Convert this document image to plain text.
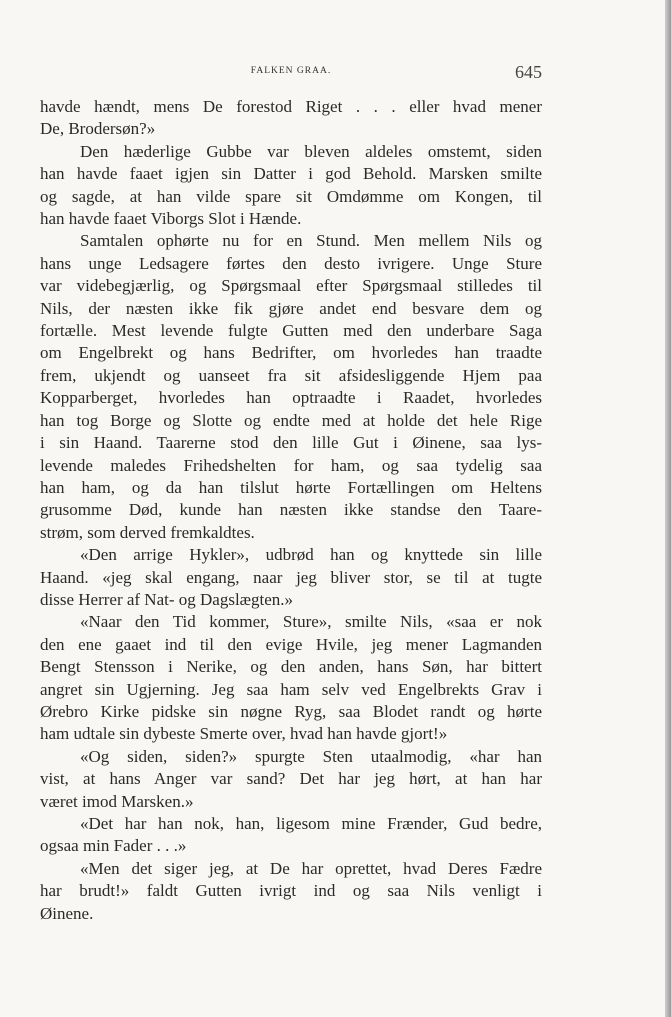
FALKEN GRAA.	645

havde hændt, mens De forestod Riget . . . eller hvad mener

De, Brodersøn?»

Den hæderlige Gubbe var bleven aldeles omstemt, siden

han havde faaet igjen sin Datter i god Behold. Marsken smilte

og sagde, at han vilde spare sit Omdømme om Kongen, til

han havde faaet Viborgs Slot i Hænde.

Samtalen ophørte nu for en Stund. Men mellem Nils og

hans unge Ledsagere førtes den desto ivrigere. Unge Sture

var videbegjærlig, og Spørgsmaal efter Spørgsmaal stilledes til

Nils, der næsten ikke fik gjøre andet end besvare dem og

fortælle. Mest levende fulgte Gutten med den underbare Saga

om Engelbrekt og hans Bedrifter, om hvorledes han traadte

frem, ukjendt og uanseet fra sit afsidesliggende Hjem paa

Kopparberget, hvorledes han optraadte i Raadet, hvorledes

han tog Borge og Slotte og endte med at holde det hele Rige

i sin Haand. Taarerne stod den lille Gut i Øinene, saa lys-

levende maledes Frihedshelten for ham, og saa tydelig saa

han ham, og da han tilslut hørte Fortællingen om Heltens

grusomme Død, kunde han næsten ikke standse den Taare-

strøm, som derved fremkaldtes.

«Den arrige Hykler», udbrød han og knyttede sin lille

Haand. «jeg skal engang, naar jeg bliver stor, se til at tugte

disse Herrer af Nat- og Dagslægten.»

«Naar den Tid kommer, Sture», smilte Nils, «saa er nok

den ene gaaet ind til den evige Hvile, jeg mener Lagmanden

Bengt Stensson i Nerike, og den anden, hans Søn, har bittert

angret sin Ugjerning. Jeg saa ham selv ved Engelbrekts Grav i

Ørebro Kirke pidske sin nøgne Ryg, saa Blodet randt og hørte

ham udtale sin dybeste Smerte over, hvad han havde gjort!»

«Og siden, siden?» spurgte Sten utaalmodig, «har han

vist, at hans Anger var sand? Det har jeg hørt, at han har

været imod Marsken.»

«Det har han nok, han, ligesom mine Frænder, Gud bedre,

ogsaa min Fader . . .»

«Men det siger jeg, at De har oprettet, hvad Deres Fædre

har brudt!» faldt Gutten ivrigt ind og saa Nils venligt i

Øinene.
